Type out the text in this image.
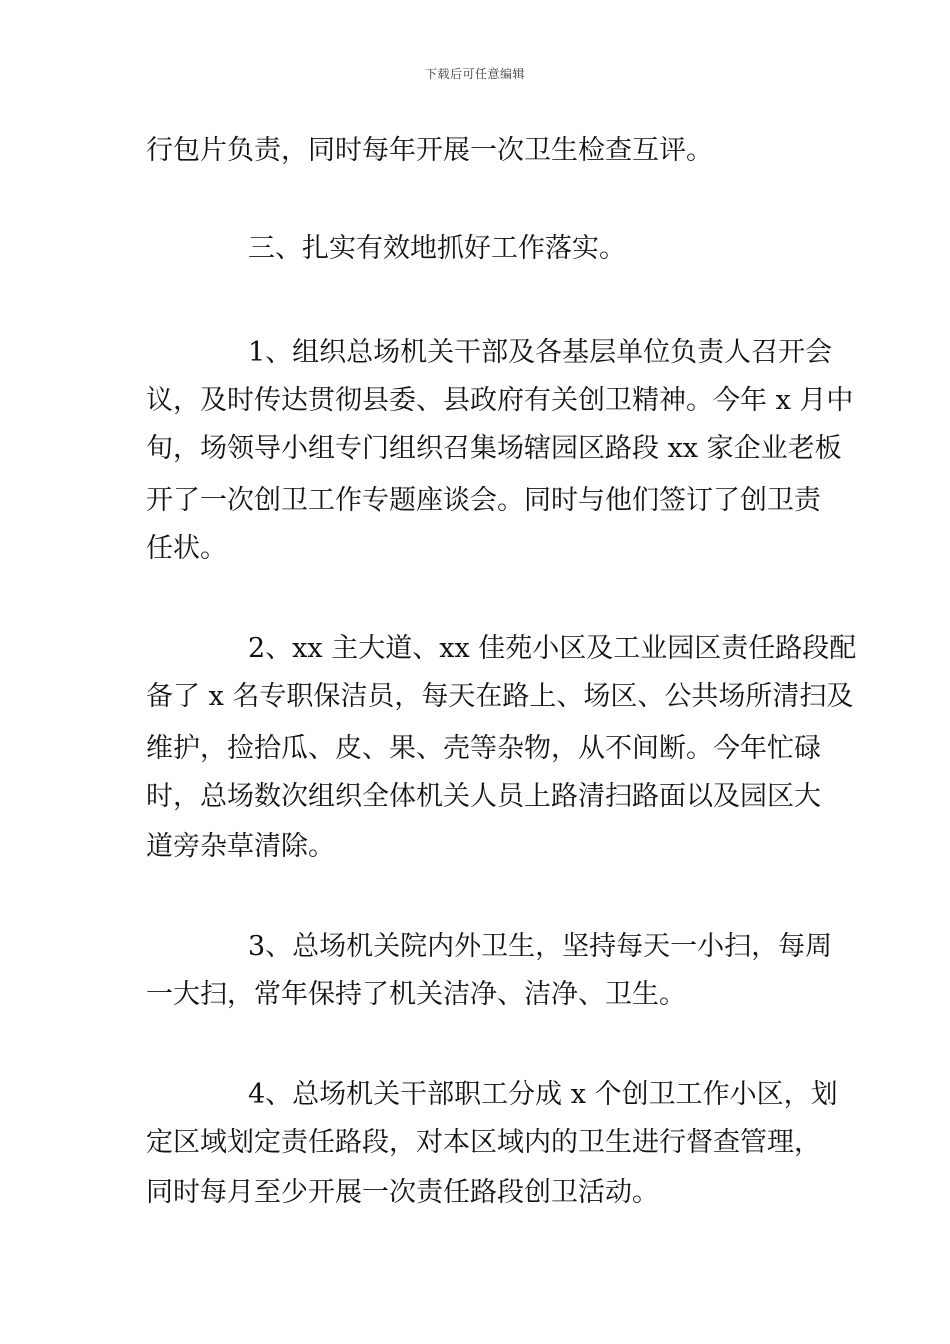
下载后可任意编辑
行包片负责，同时每年开展一次卫生检查互评。
三、扎实有效地抓好工作落实。
1、组织总场机关干部及各基层单位负责人召开会
议，及时传达贯彻县委、县政府有关创卫精神。今年 x 月中
旬，场领导小组专门组织召集场辖园区路段 xx 家企业老板
开了一次创卫工作专题座谈会。同时与他们签订了创卫责
任状。
2、xx 主大道、xx 佳苑小区及工业园区责任路段配
备了 x 名专职保洁员，每天在路上、场区、公共场所清扫及
维护，捡拾瓜、皮、果、壳等杂物，从不间断。今年忙碌
时，总场数次组织全体机关人员上路清扫路面以及园区大
道旁杂草清除。
3、总场机关院内外卫生，坚持每天一小扫，每周
一大扫，常年保持了机关洁净、洁净、卫生。
4、总场机关干部职工分成 x 个创卫工作小区，划
定区域划定责任路段，对本区域内的卫生进行督查管理，
同时每月至少开展一次责任路段创卫活动。
